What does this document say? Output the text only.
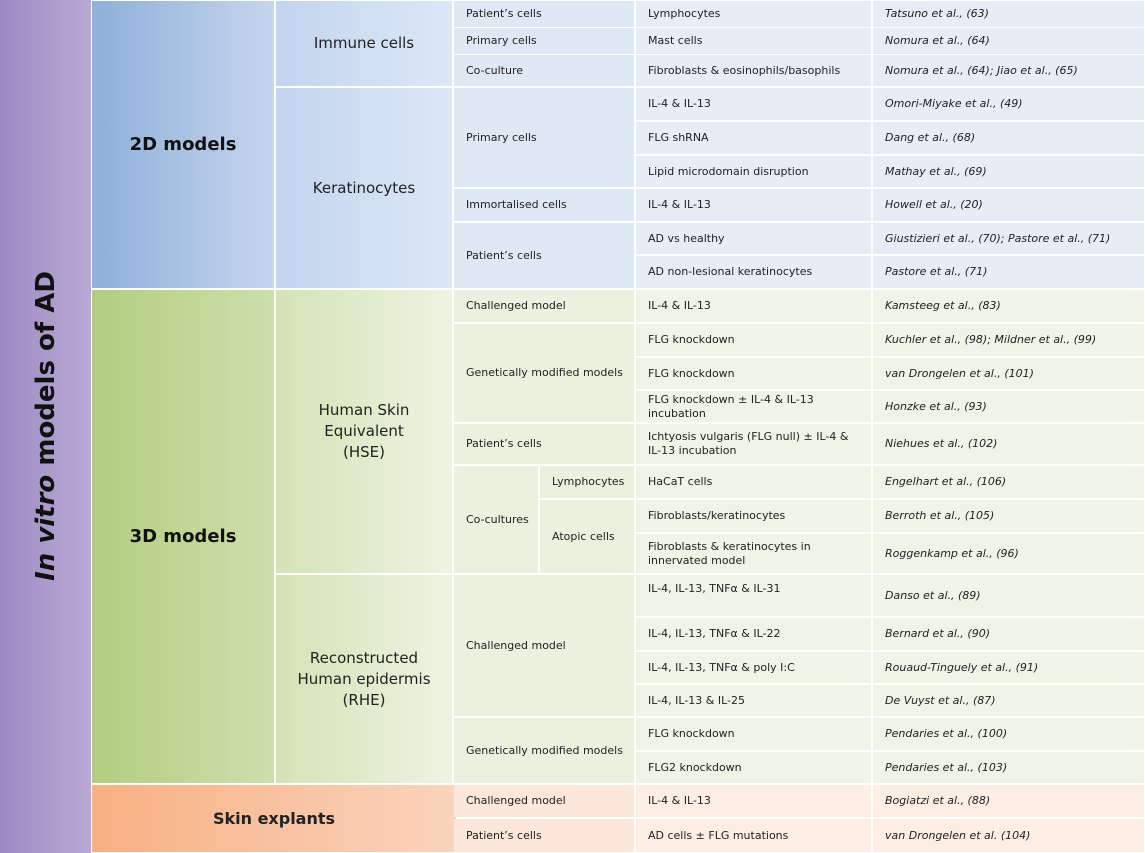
In vitro models of AD
2D models
3D models
Skin explants
Immune cells
Keratinocytes
Human Skin
Equivalent
(HSE)
Reconstructed
Human epidermis
(RHE)
Patient’s cells
Primary cells
Co-culture
Primary cells
Immortalised cells
Patient’s cells
Challenged model
Genetically modified models
Patient’s cells
Co-cultures
Lymphocytes
Atopic cells
Challenged model
Genetically modified models
Challenged model
Patient’s cells
Lymphocytes
Mast cells
Fibroblasts & eosinophils/basophils
IL-4 & IL-13
FLG shRNA
Lipid microdomain disruption
IL-4 & IL-13
AD vs healthy
AD non-lesional keratinocytes
IL-4 & IL-13
FLG knockdown
FLG knockdown
FLG knockdown ± IL-4 & IL-13 incubation
Ichtyosis vulgaris (FLG null) ± IL-4 & IL-13 incubation
HaCaT cells
Fibroblasts/keratinocytes
Fibroblasts & keratinocytes in innervated model
IL-4, IL-13, TNFα & IL-31
IL-4, IL-13, TNFα & IL-22
IL-4, IL-13, TNFα & poly I:C
IL-4, IL-13 & IL-25
FLG knockdown
FLG2 knockdown
IL-4 & IL-13
AD cells ± FLG mutations
Tatsuno et al., (63)
Nomura et al., (64)
Nomura et al., (64); Jiao et al., (65)
Omori-Miyake et al., (49)
Dang et al., (68)
Mathay et al., (69)
Howell et al., (20)
Giustizieri et al., (70); Pastore et al., (71)
Pastore et al., (71)
Kamsteeg et al., (83)
Kuchler et al., (98); Mildner et al., (99)
van Drongelen et al., (101)
Honzke et al., (93)
Niehues et al., (102)
Engelhart et al., (106)
Berroth et al., (105)
Roggenkamp et al., (96)
Danso et al., (89)
Bernard et al., (90)
Rouaud-Tinguely et al., (91)
De Vuyst et al., (87)
Pendaries et al., (100)
Pendaries et al., (103)
Bogiatzi et al., (88)
van Drongelen et al. (104)
